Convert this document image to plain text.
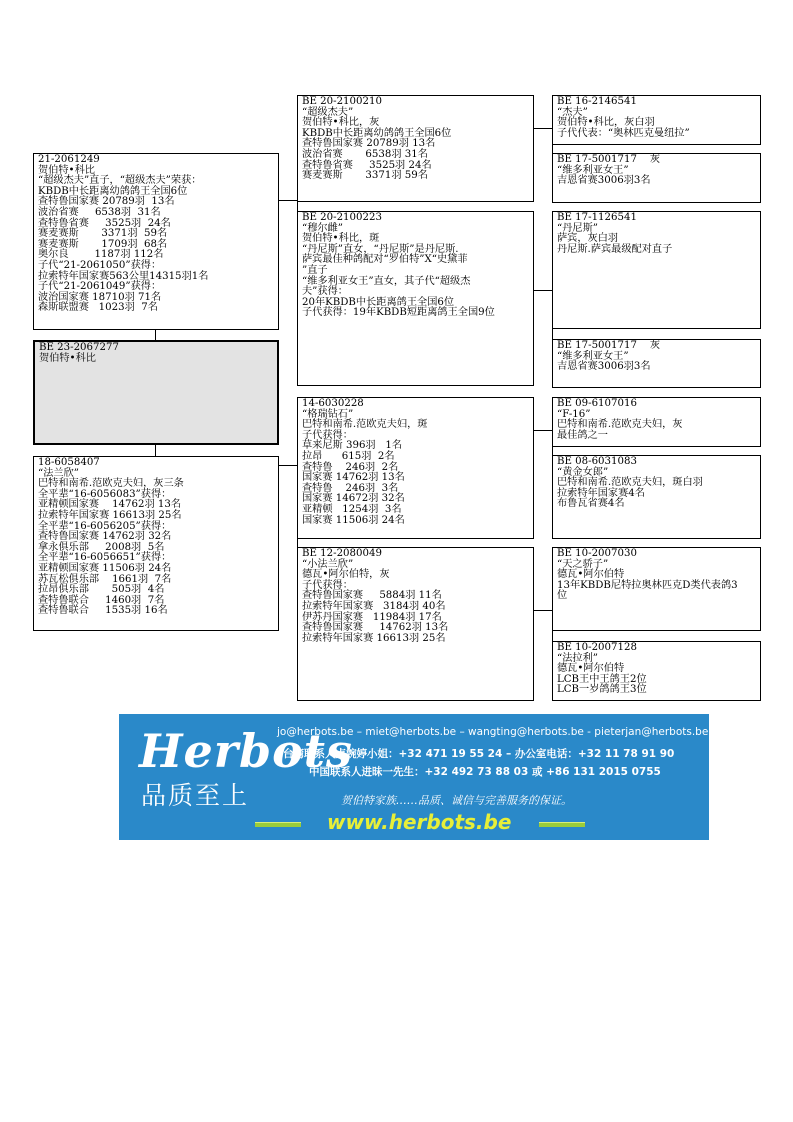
21-2061249
贺伯特•科比
“超级杰夫”直子，“超级杰夫”荣获：
KBDB中长距离幼鸽鸽王全国6位
查特鲁国家赛 20789羽  13名
波治省赛     6538羽  31名
查特鲁省赛     3525羽  24名
赛麦赛斯       3371羽  59名
赛麦赛斯       1709羽  68名
奥尔良        1187羽 112名
子代“21-2061050”获得：
拉索特年国家赛563公里14315羽1名
子代“21-2061049”获得：
波治国家赛 18710羽 71名
森斯联盟赛   1023羽  7名
BE 23-2067277
贺伯特•科比
18-6058407
“法兰欣”
巴特和南希.范欧克夫妇，灰三条
全平辈“16-6056083”获得：
亚精顿国家赛    14762羽 13名
拉索特年国家赛 16613羽 25名
全平辈“16-6056205”获得：
查特鲁国家赛 14762羽 32名
拿永俱乐部     2008羽  5名
全平辈“16-6056651”获得：
亚精顿国家赛 11506羽 24名
苏瓦松俱乐部    1661羽  7名
拉昂俱乐部       505羽  4名
查特鲁联合     1460羽  7名
查特鲁联合     1535羽 16名
BE 20-2100210
“超级杰夫”
贺伯特•科比，灰
KBDB中长距离幼鸽鸽王全国6位
查特鲁国家赛 20789羽 13名
波治省赛       6538羽 31名
查特鲁省赛     3525羽 24名
赛麦赛斯       3371羽 59名
BE 20-2100223
“穆尔雌”
贺伯特•科比，斑
“丹尼斯”直女，“丹尼斯”是丹尼斯.
萨宾最佳种鸽配对“罗伯特”X“史黛菲
”直子
“维多利亚女王”直女，其子代“超级杰
夫”获得：
20年KBDB中长距离鸽王全国6位
子代获得：19年KBDB短距离鸽王全国9位
14-6030228
“格瑞钻石”
巴特和南希.范欧克夫妇，斑
子代获得：
草来尼斯 396羽   1名
拉昂      615羽  2名
查特鲁    246羽  2名
国家赛 14762羽 13名
查特鲁    246羽  3名
国家赛 14672羽 32名
亚精顿   1254羽  3名
国家赛 11506羽 24名
BE 12-2080049
“小法兰欣”
德瓦•阿尔伯特，灰
子代获得：
查特鲁国家赛     5884羽 11名
拉索特年国家赛   3184羽 40名
伊苏丹国家赛   11984羽 17名
查特鲁国家赛     14762羽 13名
拉索特年国家赛 16613羽 25名
BE 16-2146541
“杰夫”
贺伯特•科比，灰白羽
子代代表：“奥林匹克曼纽拉”
BE 17-5001717    灰
“维多利亚女王”
吉恩省赛3006羽3名
BE 17-1126541
“丹尼斯”
萨宾，灰白羽
丹尼斯.萨宾最级配对直子
BE 17-5001717    灰
“维多利亚女王”
吉恩省赛3006羽3名
BE 09-6107016
“F-16”
巴特和南希.范欧克夫妇，灰
最佳鸽之一
BE 08-6031083
“黄金女郎”
巴特和南希.范欧克夫妇，斑白羽
拉索特年国家赛4名
布鲁瓦省赛4名
BE 10-2007030
“天之骄子”
德瓦•阿尔伯特
13年KBDB尼特拉奥林匹克D类代表鸽3
位
BE 10-2007128
“法拉利”
德瓦•阿尔伯特
LCB王中王鸽王2位
LCB一岁鸽鸽王3位
Herbots
品质至上
jo@herbots.be – miet@herbots.be – wangting@herbots.be - pieterjan@herbots.be
台湾联系人卢婉婷小姐：+32 471 19 55 24 – 办公室电话：+32 11 78 91 90
中国联系人进昧一先生：+32 492 73 88 03 或 +86 131 2015 0755
贺伯特家族……品质、诚信与完善服务的保证。
www.herbots.be
